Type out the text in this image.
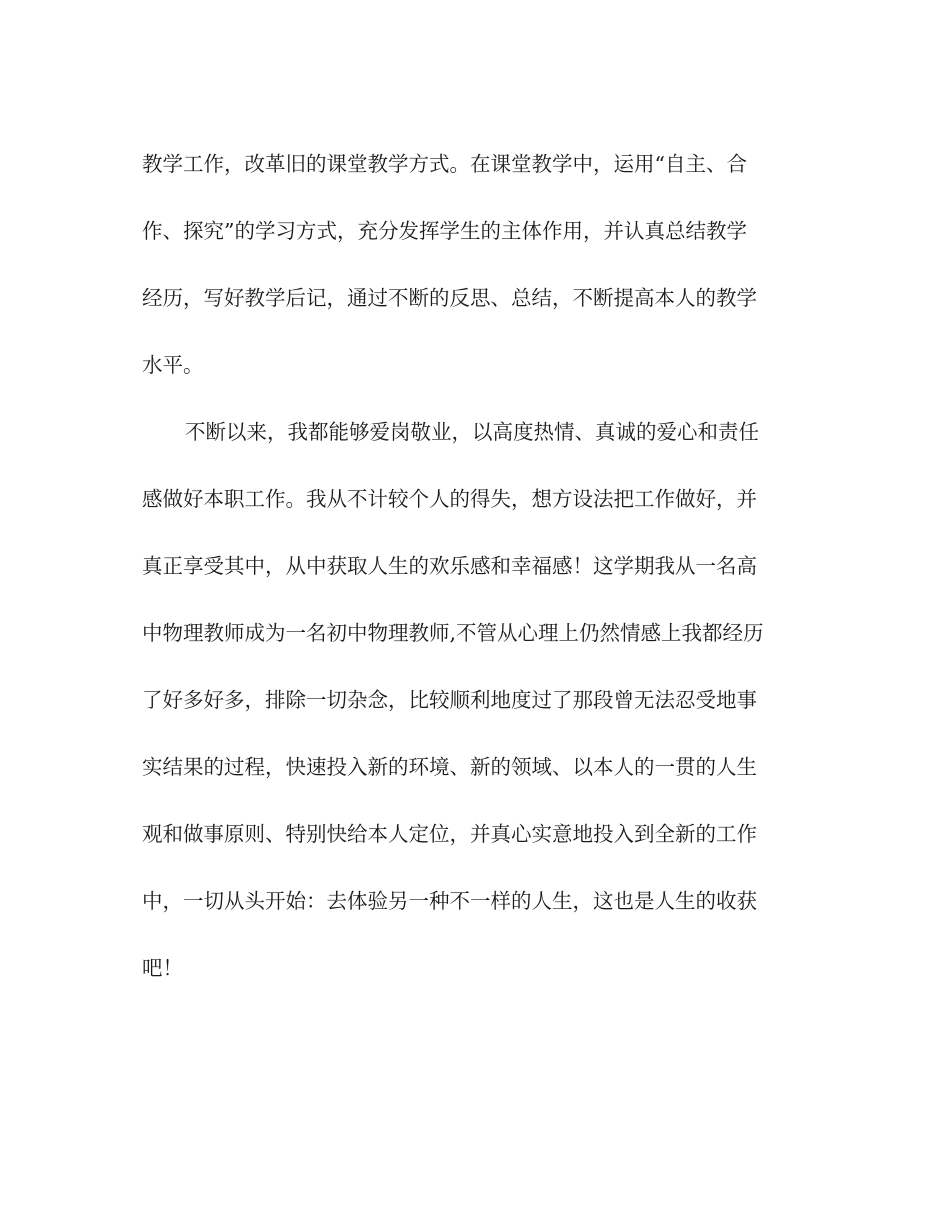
教学工作，改革旧的课堂教学方式。在课堂教学中，运用“自主、合
作、探究”的学习方式，充分发挥学生的主体作用，并认真总结教学
经历，写好教学后记，通过不断的反思、总结，不断提高本人的教学
水平。
不断以来，我都能够爱岗敬业，以高度热情、真诚的爱心和责任
感做好本职工作。我从不计较个人的得失，想方设法把工作做好，并
真正享受其中，从中获取人生的欢乐感和幸福感！这学期我从一名高
中物理教师成为一名初中物理教师,不管从心理上仍然情感上我都经历
了好多好多，排除一切杂念，比较顺利地度过了那段曾无法忍受地事
实结果的过程，快速投入新的环境、新的领域、以本人的一贯的人生
观和做事原则、特别快给本人定位，并真心实意地投入到全新的工作
中，一切从头开始：去体验另一种不一样的人生，这也是人生的收获
吧！
